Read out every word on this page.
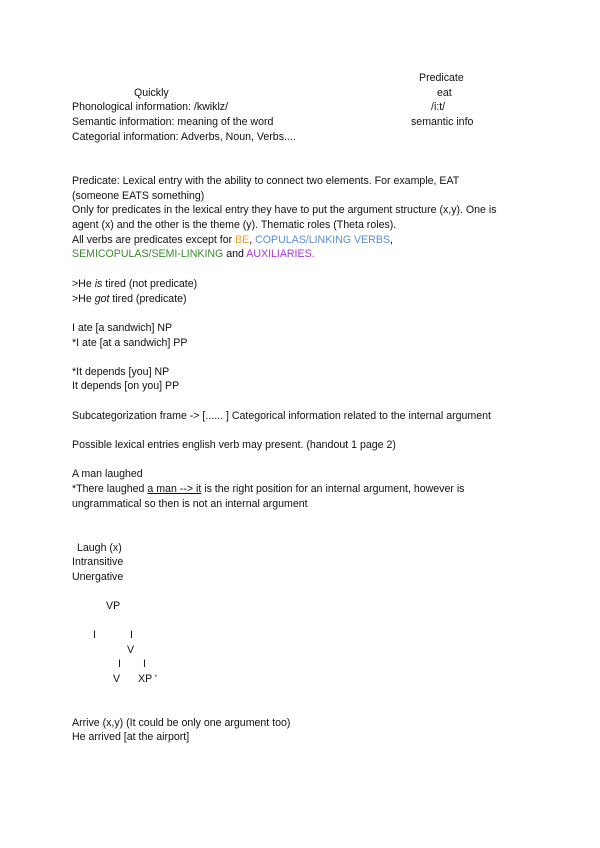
Predicate
Quickly	eat
Phonological information: /kwiklz/	/i:t/
Semantic information: meaning of the word	semantic info
Categorial information: Adverbs, Noun, Verbs....
Predicate: Lexical entry with the ability to connect two elements. For example, EAT
(someone EATS something)
Only for predicates in the lexical entry they have to put the argument structure (x,y). One is
agent (x) and the other is the theme (y). Thematic roles (Theta roles).
All verbs are predicates except for BE, COPULAS/LINKING VERBS,
SEMICOPULAS/SEMI-LINKING and AUXILIARIES.
>He is tired (not predicate)
>He got tired (predicate)
I ate [a sandwich] NP
*I ate [at a sandwich] PP
*It depends [you] NP
It depends [on you] PP
Subcategorization frame -> [...... ] Categorical information related to the internal argument
Possible lexical entries english verb may present. (handout 1 page 2)
A man laughed
*There laughed a man --> it is the right position for an internal argument, however is
ungrammatical so then is not an internal argument
Laugh (x)
Intransitive
Unergative
VP
I	I
V
I I
V XP '
Arrive (x,y) (It could be only one argument too)
He arrived [at the airport]
